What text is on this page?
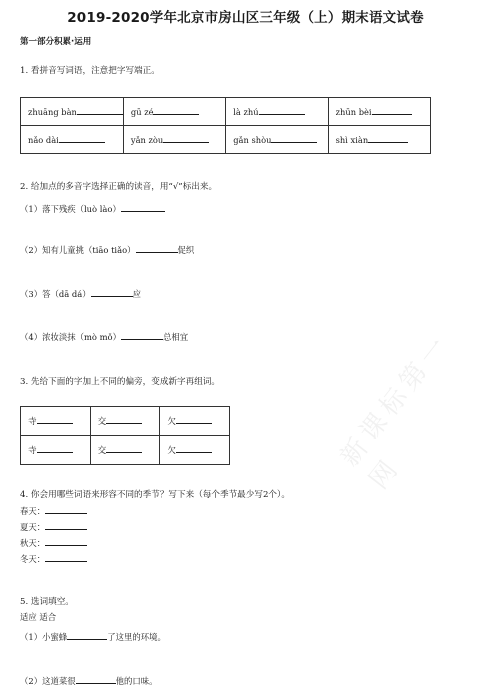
新课标第一网
2019-2020学年北京市房山区三年级（上）期末语文试卷
第一部分积累·运用
1. 看拼音写词语，注意把字写端正。
zhuāng bàn	gū zé	là zhú	zhūn bèi
nǎo dài	yǎn zòu	gǎn shòu	shì xiàn
2. 给加点的多音字选择正确的读音，用“√”标出来。
（1）落下残疾（luò lào）
（2）知有儿童挑（tiāo tiǎo）	促织
（3）答（dā dá）	应
（4）浓妆淡抹（mò mǒ）	总相宜
3. 先给下面的字加上不同的偏旁，变成新字再组词。
寺	交	欠
寺	交	欠
4. 你会用哪些词语来形容不同的季节？写下来（每个季节最少写2个）。
春天：
夏天：
秋天：
冬天：
5. 选词填空。
适应 适合
（1）小蜜蜂	了这里的环境。
（2）这道菜很	他的口味。
